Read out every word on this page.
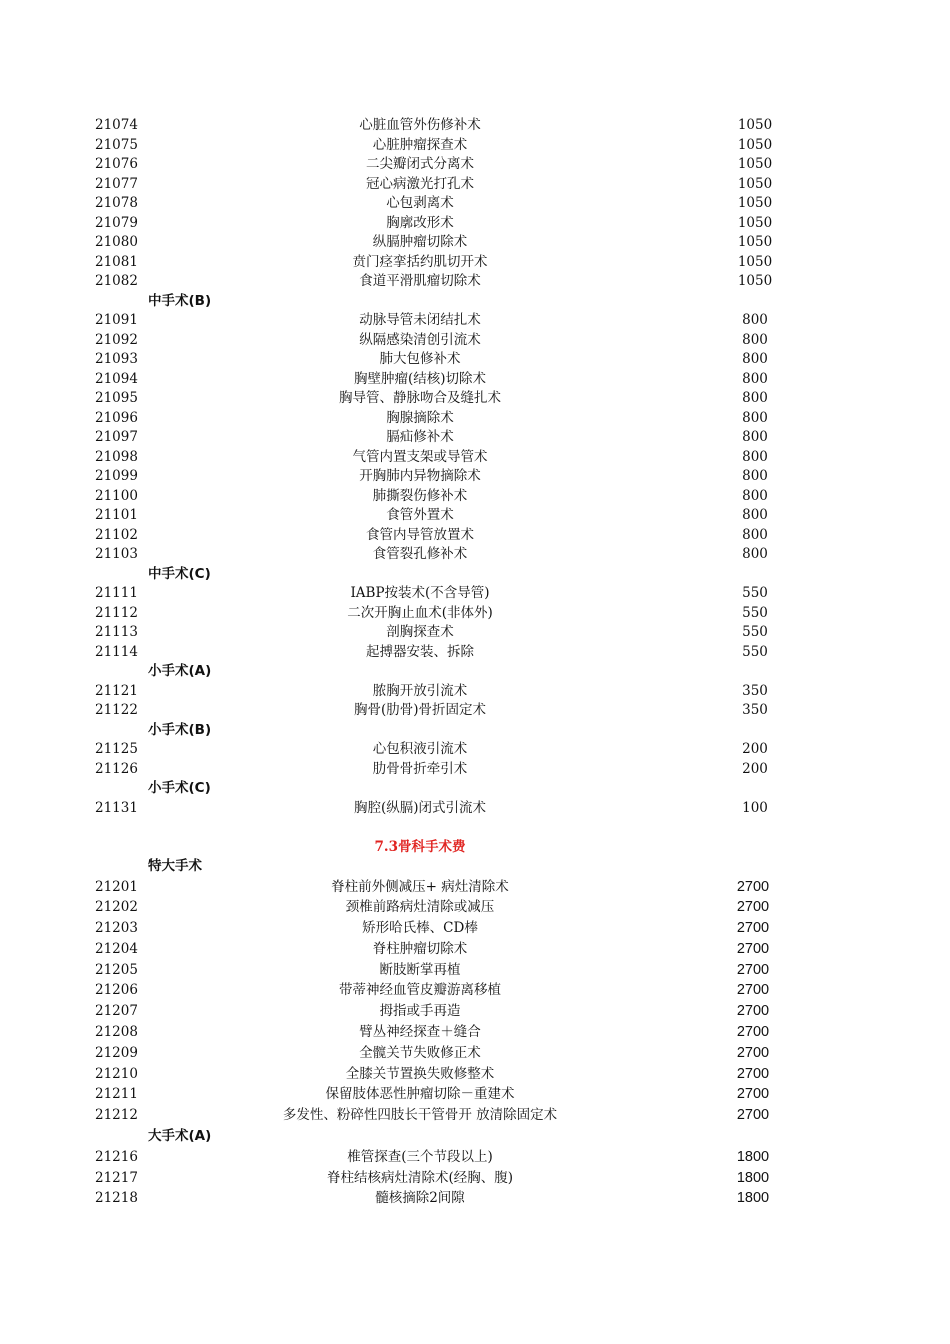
21074	心脏血管外伤修补术	1050
21075	心脏肿瘤探查术	1050
21076	二尖瓣闭式分离术	1050
21077	冠心病激光打孔术	1050
21078	心包剥离术	1050
21079	胸廓改形术	1050
21080	纵膈肿瘤切除术	1050
21081	贲门痉挛括约肌切开术	1050
21082	食道平滑肌瘤切除术	1050
中手术(B)
21091	动脉导管未闭结扎术	800
21092	纵隔感染清创引流术	800
21093	肺大包修补术	800
21094	胸壁肿瘤(结核)切除术	800
21095	胸导管、静脉吻合及缝扎术	800
21096	胸腺摘除术	800
21097	膈疝修补术	800
21098	气管内置支架或导管术	800
21099	开胸肺内异物摘除术	800
21100	肺撕裂伤修补术	800
21101	食管外置术	800
21102	食管内导管放置术	800
21103	食管裂孔修补术	800
中手术(C)
21111	IABP按装术(不含导管)	550
21112	二次开胸止血术(非体外)	550
21113	剖胸探查术	550
21114	起搏器安装、拆除	550
小手术(A)
21121	脓胸开放引流术	350
21122	胸骨(肋骨)骨折固定术	350
小手术(B)
21125	心包积液引流术	200
21126	肋骨骨折牵引术	200
小手术(C)
21131	胸腔(纵膈)闭式引流术	100
7.3骨科手术费
特大手术
21201	脊柱前外侧减压+ 病灶清除术	2700
21202	颈椎前路病灶清除或减压	2700
21203	矫形哈氏棒、CD棒	2700
21204	脊柱肿瘤切除术	2700
21205	断肢断掌再植	2700
21206	带蒂神经血管皮瓣游离移植	2700
21207	拇指或手再造	2700
21208	臂丛神经探查＋缝合	2700
21209	全髋关节失败修正术	2700
21210	全膝关节置换失败修整术	2700
21211	保留肢体恶性肿瘤切除－重建术	2700
21212	多发性、粉碎性四肢长干管骨开 放清除固定术	2700
大手术(A)
21216	椎管探查(三个节段以上)	1800
21217	脊柱结核病灶清除术(经胸、腹)	1800
21218	髓核摘除2间隙	1800
